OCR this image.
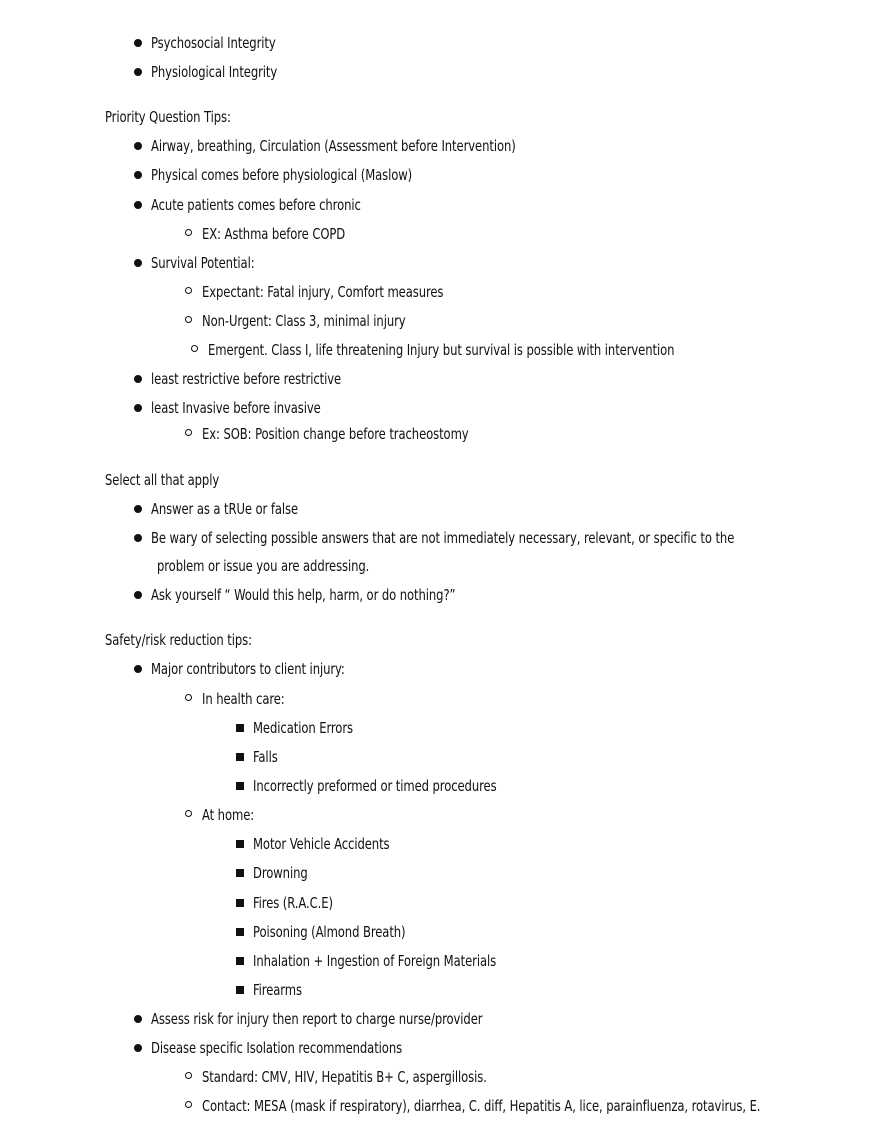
Psychosocial Integrity
Physiological Integrity
Priority Question Tips:
Airway, breathing, Circulation (Assessment before Intervention)
Physical comes before physiological (Maslow)
Acute patients comes before chronic
EX: Asthma before COPD
Survival Potential:
Expectant: Fatal injury, Comfort measures
Non-Urgent: Class 3, minimal injury
Emergent. Class I, life threatening Injury but survival is possible with intervention
least restrictive before restrictive
least Invasive before invasive
Ex: SOB: Position change before tracheostomy
Select all that apply
Answer as a tRUe or false
Be wary of selecting possible answers that are not immediately necessary, relevant, or specific to the
problem or issue you are addressing.
Ask yourself “ Would this help, harm, or do nothing?”
Safety/risk reduction tips:
Major contributors to client injury:
In health care:
Medication Errors
Falls
Incorrectly preformed or timed procedures
At home:
Motor Vehicle Accidents
Drowning
Fires (R.A.C.E)
Poisoning (Almond Breath)
Inhalation + Ingestion of Foreign Materials
Firearms
Assess risk for injury then report to charge nurse/provider
Disease specific Isolation recommendations
Standard: CMV, HIV, Hepatitis B+ C, aspergillosis.
Contact: MESA (mask if respiratory), diarrhea, C. diff, Hepatitis A, lice, parainfluenza, rotavirus, E.
